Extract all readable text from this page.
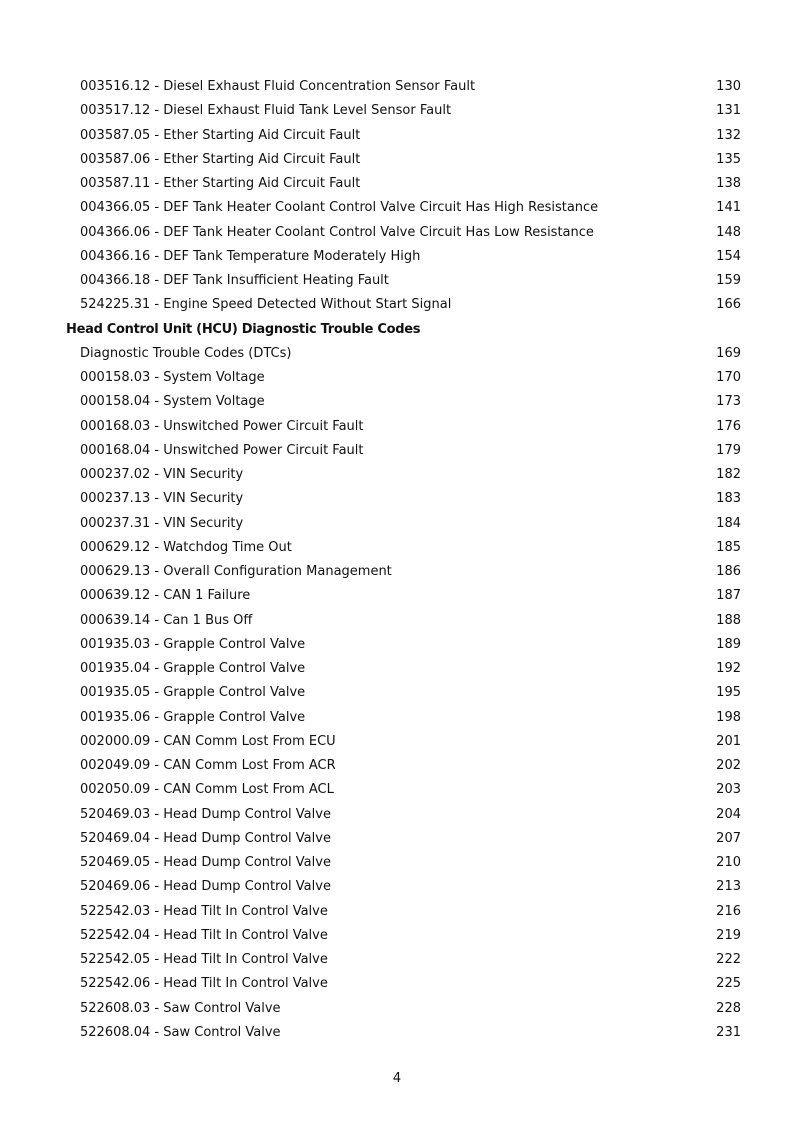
003516.12 - Diesel Exhaust Fluid Concentration Sensor Fault	130
003517.12 - Diesel Exhaust Fluid Tank Level Sensor Fault	131
003587.05 - Ether Starting Aid Circuit Fault	132
003587.06 - Ether Starting Aid Circuit Fault	135
003587.11 - Ether Starting Aid Circuit Fault	138
004366.05 - DEF Tank Heater Coolant Control Valve Circuit Has High Resistance	141
004366.06 - DEF Tank Heater Coolant Control Valve Circuit Has Low Resistance	148
004366.16 - DEF Tank Temperature Moderately High	154
004366.18 - DEF Tank Insufficient Heating Fault	159
524225.31 - Engine Speed Detected Without Start Signal	166
Head Control Unit (HCU) Diagnostic Trouble Codes
Diagnostic Trouble Codes (DTCs)	169
000158.03 - System Voltage	170
000158.04 - System Voltage	173
000168.03 - Unswitched Power Circuit Fault	176
000168.04 - Unswitched Power Circuit Fault	179
000237.02 - VIN Security	182
000237.13 - VIN Security	183
000237.31 - VIN Security	184
000629.12 - Watchdog Time Out	185
000629.13 - Overall Configuration Management	186
000639.12 - CAN 1 Failure	187
000639.14 - Can 1 Bus Off	188
001935.03 - Grapple Control Valve	189
001935.04 - Grapple Control Valve	192
001935.05 - Grapple Control Valve	195
001935.06 - Grapple Control Valve	198
002000.09 - CAN Comm Lost From ECU	201
002049.09 - CAN Comm Lost From ACR	202
002050.09 - CAN Comm Lost From ACL	203
520469.03 - Head Dump Control Valve	204
520469.04 - Head Dump Control Valve	207
520469.05 - Head Dump Control Valve	210
520469.06 - Head Dump Control Valve	213
522542.03 - Head Tilt In Control Valve	216
522542.04 - Head Tilt In Control Valve	219
522542.05 - Head Tilt In Control Valve	222
522542.06 - Head Tilt In Control Valve	225
522608.03 - Saw Control Valve	228
522608.04 - Saw Control Valve	231
4
